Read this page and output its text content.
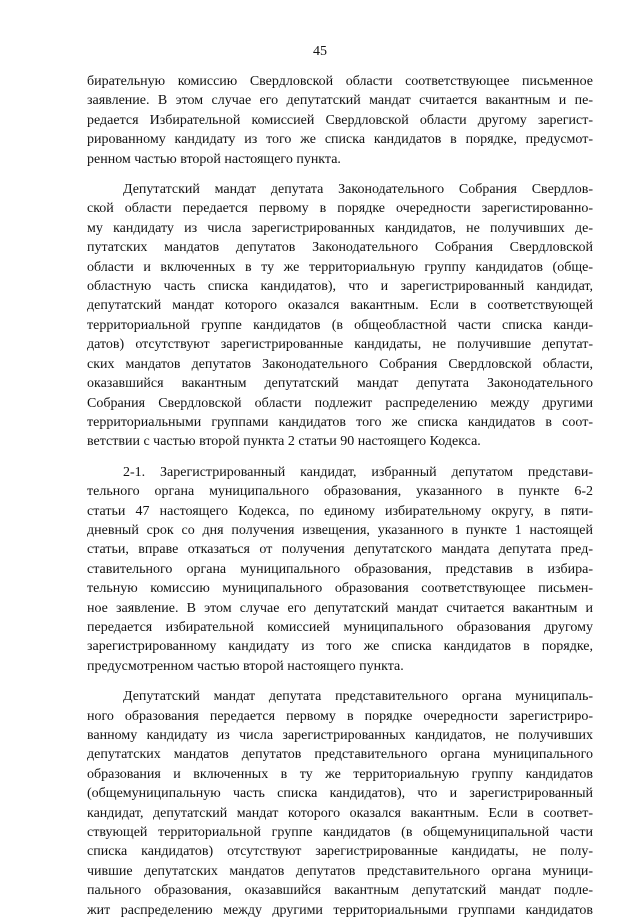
45
бирательную комиссию Свердловской области соответствующее письменное
заявление. В этом случае его депутатский мандат считается вакантным и пе-
редается Избирательной комиссией Свердловской области другому зарегист-
рированному кандидату из того же списка кандидатов в порядке, предусмот-
ренном частью второй настоящего пункта.
Депутатский мандат депутата Законодательного Собрания Свердлов-
ской области передается первому в порядке очередности зарегистированно-
му кандидату из числа зарегистрированных кандидатов, не получивших де-
путатских мандатов депутатов Законодательного Собрания Свердловской
области и включенных в ту же территориальную группу кандидатов (обще-
областную часть списка кандидатов), что и зарегистрированный кандидат,
депутатский мандат которого оказался вакантным. Если в соответствующей
территориальной группе кандидатов (в общеобластной части списка канди-
датов) отсутствуют зарегистрированные кандидаты, не получившие депутат-
ских мандатов депутатов Законодательного Собрания Свердловской области,
оказавшийся вакантным депутатский мандат депутата Законодательного
Собрания Свердловской области подлежит распределению между другими
территориальными группами кандидатов того же списка кандидатов в соот-
ветствии с частью второй пункта 2 статьи 90 настоящего Кодекса.
2-1. Зарегистрированный кандидат, избранный депутатом представи-
тельного органа муниципального образования, указанного в пункте 6-2
статьи 47 настоящего Кодекса, по единому избирательному округу, в пяти-
дневный срок со дня получения извещения, указанного в пункте 1 настоящей
статьи, вправе отказаться от получения депутатского мандата депутата пред-
ставительного органа муниципального образования, представив в избира-
тельную комиссию муниципального образования соответствующее письмен-
ное заявление. В этом случае его депутатский мандат считается вакантным и
передается избирательной комиссией муниципального образования другому
зарегистрированному кандидату из того же списка кандидатов в порядке,
предусмотренном частью второй настоящего пункта.
Депутатский мандат депутата представительного органа муниципаль-
ного образования передается первому в порядке очередности зарегистриро-
ванному кандидату из числа зарегистрированных кандидатов, не получивших
депутатских мандатов депутатов представительного органа муниципального
образования и включенных в ту же территориальную группу кандидатов
(общемуниципальную часть списка кандидатов), что и зарегистрированный
кандидат, депутатский мандат которого оказался вакантным. Если в соответ-
ствующей территориальной группе кандидатов (в общемуниципальной части
списка кандидатов) отсутствуют зарегистрированные кандидаты, не полу-
чившие депутатских мандатов депутатов представительного органа муници-
пального образования, оказавшийся вакантным депутатский мандат подле-
жит распределению между другими территориальными группами кандидатов
